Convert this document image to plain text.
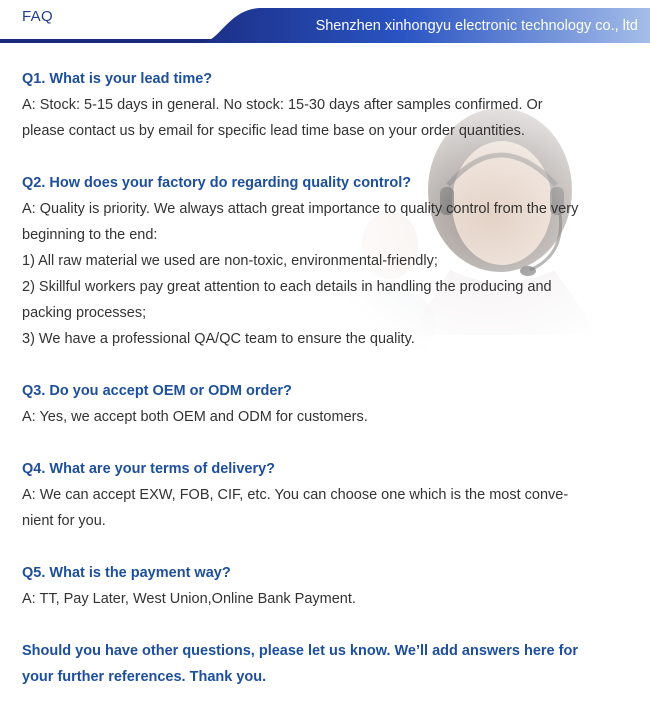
FAQ
Shenzhen xinhongyu electronic technology co., ltd

Q1. What is your lead time?

A: Stock: 5-15 days in general. No stock: 15-30 days after samples confirmed. Or

please contact us by email for specific lead time base on your order quantities.

Q2. How does your factory do regarding quality control?

A: Quality is priority. We always attach great importance to quality control from the very

beginning to the end:

1) All raw material we used are non-toxic, environmental-friendly;

2) Skillful workers pay great attention to each details in handling the producing and

packing processes;

3) We have a professional QA/QC team to ensure the quality.

Q3. Do you accept OEM or ODM order?

A: Yes, we accept both OEM and ODM for customers.

Q4. What are your terms of delivery?

A: We can accept EXW, FOB, CIF, etc. You can choose one which is the most conve-

nient for you.

Q5. What is the payment way?

A: TT, Pay Later, West Union,Online Bank Payment.

Should you have other questions, please let us know. We’ll add answers here for

your further references. Thank you.
